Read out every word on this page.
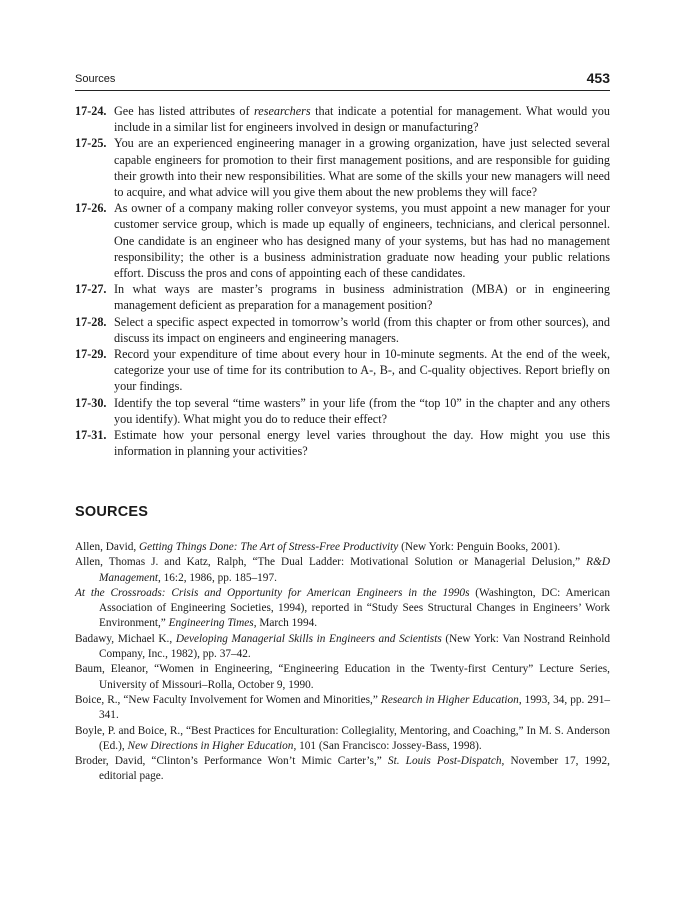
Sources	453
17-24. Gee has listed attributes of researchers that indicate a potential for management. What would you include in a similar list for engineers involved in design or manufacturing?
17-25. You are an experienced engineering manager in a growing organization, have just selected several capable engineers for promotion to their first management positions, and are responsible for guiding their growth into their new responsibilities. What are some of the skills your new managers will need to acquire, and what advice will you give them about the new problems they will face?
17-26. As owner of a company making roller conveyor systems, you must appoint a new manager for your customer service group, which is made up equally of engineers, technicians, and clerical personnel. One candidate is an engineer who has designed many of your systems, but has had no management responsibility; the other is a business administration graduate now heading your public relations effort. Discuss the pros and cons of appointing each of these candidates.
17-27. In what ways are master’s programs in business administration (MBA) or in engineering management deficient as preparation for a management position?
17-28. Select a specific aspect expected in tomorrow’s world (from this chapter or from other sources), and discuss its impact on engineers and engineering managers.
17-29. Record your expenditure of time about every hour in 10-minute segments. At the end of the week, categorize your use of time for its contribution to A-, B-, and C-quality objectives. Report briefly on your findings.
17-30. Identify the top several “time wasters” in your life (from the “top 10” in the chapter and any others you identify). What might you do to reduce their effect?
17-31. Estimate how your personal energy level varies throughout the day. How might you use this information in planning your activities?
SOURCES
Allen, David, Getting Things Done: The Art of Stress-Free Productivity (New York: Penguin Books, 2001).
Allen, Thomas J. and Katz, Ralph, “The Dual Ladder: Motivational Solution or Managerial Delusion,” R&D Management, 16:2, 1986, pp. 185–197.
At the Crossroads: Crisis and Opportunity for American Engineers in the 1990s (Washington, DC: American Association of Engineering Societies, 1994), reported in “Study Sees Structural Changes in Engineers’ Work Environment,” Engineering Times, March 1994.
Badawy, Michael K., Developing Managerial Skills in Engineers and Scientists (New York: Van Nostrand Reinhold Company, Inc., 1982), pp. 37–42.
Baum, Eleanor, “Women in Engineering, “Engineering Education in the Twenty-first Century” Lecture Series, University of Missouri–Rolla, October 9, 1990.
Boice, R., “New Faculty Involvement for Women and Minorities,” Research in Higher Education, 1993, 34, pp. 291–341.
Boyle, P. and Boice, R., “Best Practices for Enculturation: Collegiality, Mentoring, and Coaching,” In M. S. Anderson (Ed.), New Directions in Higher Education, 101 (San Francisco: Jossey-Bass, 1998).
Broder, David, “Clinton’s Performance Won’t Mimic Carter’s,” St. Louis Post-Dispatch, November 17, 1992, editorial page.
